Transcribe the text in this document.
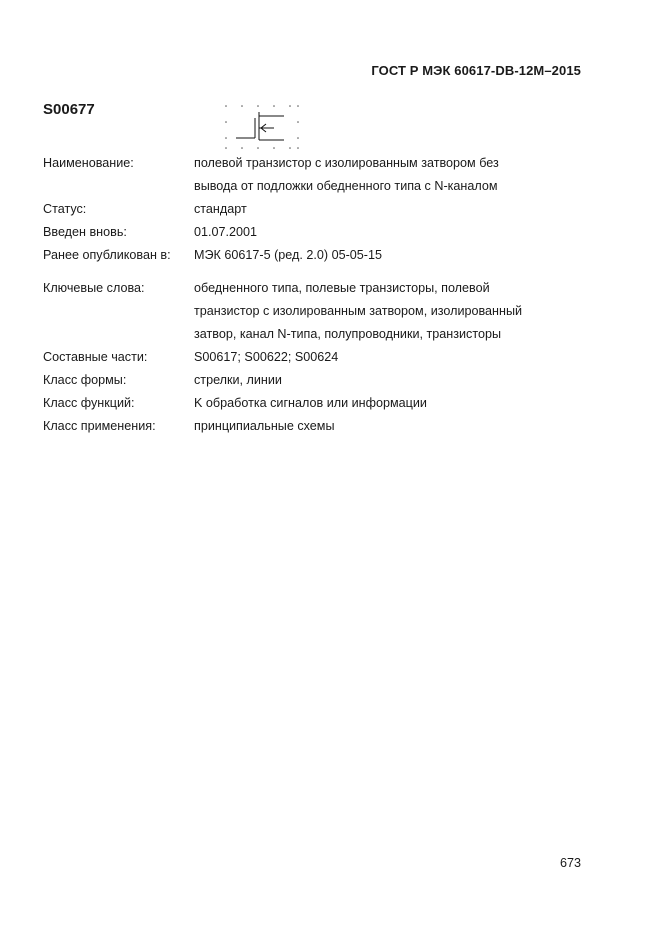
ГОСТ Р МЭК 60617-DB-12M–2015
S00677
Наименование:	полевой транзистор с изолированным затвором без
вывода от подложки обедненного типа с N-каналом
Статус:	стандарт
Введен вновь:	01.07.2001
Ранее опубликован в:	МЭК 60617-5 (ред. 2.0) 05-05-15
Ключевые слова:	обедненного типа, полевые транзисторы, полевой
транзистор с изолированным затвором, изолированный
затвор, канал N-типа, полупроводники, транзисторы
Составные части:	S00617; S00622; S00624
Класс формы:	стрелки, линии
Класс функций:	K обработка сигналов или информации
Класс применения:	принципиальные схемы
673
